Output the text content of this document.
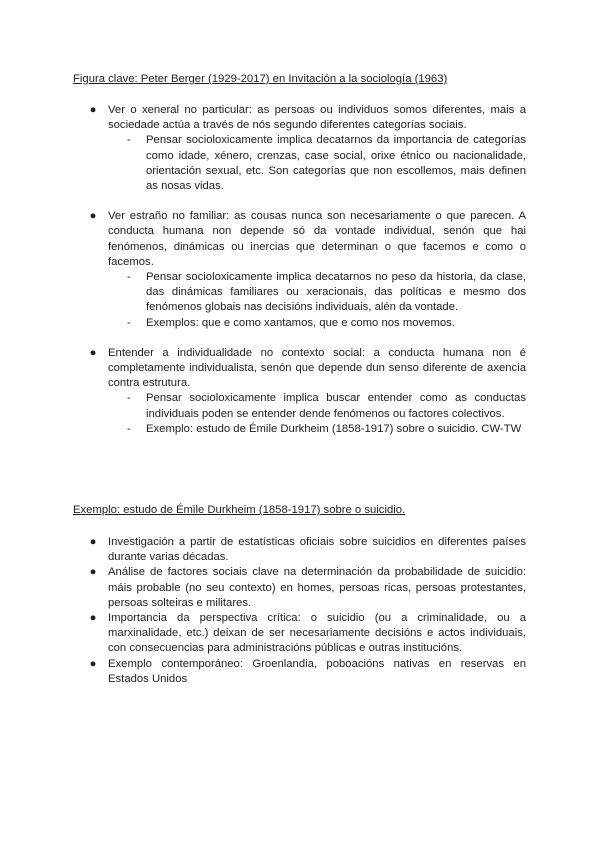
Figura clave: Peter Berger (1929-2017) en Invitación a la sociología (1963)
● Ver o xeneral no particular: as persoas ou individuos somos diferentes, mais a sociedade actúa a través de nós segundo diferentes categorías sociais.
- Pensar socioloxicamente implica decatarnos da importancia de categorías como idade, xénero, crenzas, case social, orixe étnico ou nacionalidade, orientación sexual, etc. Son categorías que non escollemos, mais definen as nosas vidas.
● Ver estraño no familiar: as cousas nunca son necesariamente o que parecen. A conducta humana non depende só da vontade individual, senón que hai fenómenos, dinámicas ou inercias que determinan o que facemos e como o facemos.
- Pensar socioloxicamente implica decatarnos no peso da historia, da clase, das dinámicas familiares ou xeracionais, das políticas e mesmo dos fenómenos globais nas decisións individuais, alén da vontade.
- Exemplos: que e como xantamos, que e como nos movemos.
● Entender a individualidade no contexto social: a conducta humana non é completamente individualista, senón que depende dun senso diferente de axencia contra estrutura.
- Pensar socioloxicamente implica buscar entender como as conductas individuais poden se entender dende fenómenos ou factores colectivos.
- Exemplo: estudo de Émile Durkheim (1858-1917) sobre o suicidio. CW-TW
Exemplo: estudo de Émile Durkheim (1858-1917) sobre o suicidio.
● Investigación a partir de estatísticas oficiais sobre suicidios en diferentes países durante varias décadas.
● Análise de factores sociais clave na determinación da probabilidade de suicidio: máis probable (no seu contexto) en homes, persoas ricas, persoas protestantes, persoas solteiras e militares.
● Importancia da perspectiva crítica: o suicidio (ou a criminalidade, ou a marxinalidade, etc.) deixan de ser necesariamente decisións e actos individuais, con consecuencias para administracións públicas e outras institucións.
● Exemplo contemporáneo: Groenlandia, poboacións nativas en reservas en Estados Unidos
